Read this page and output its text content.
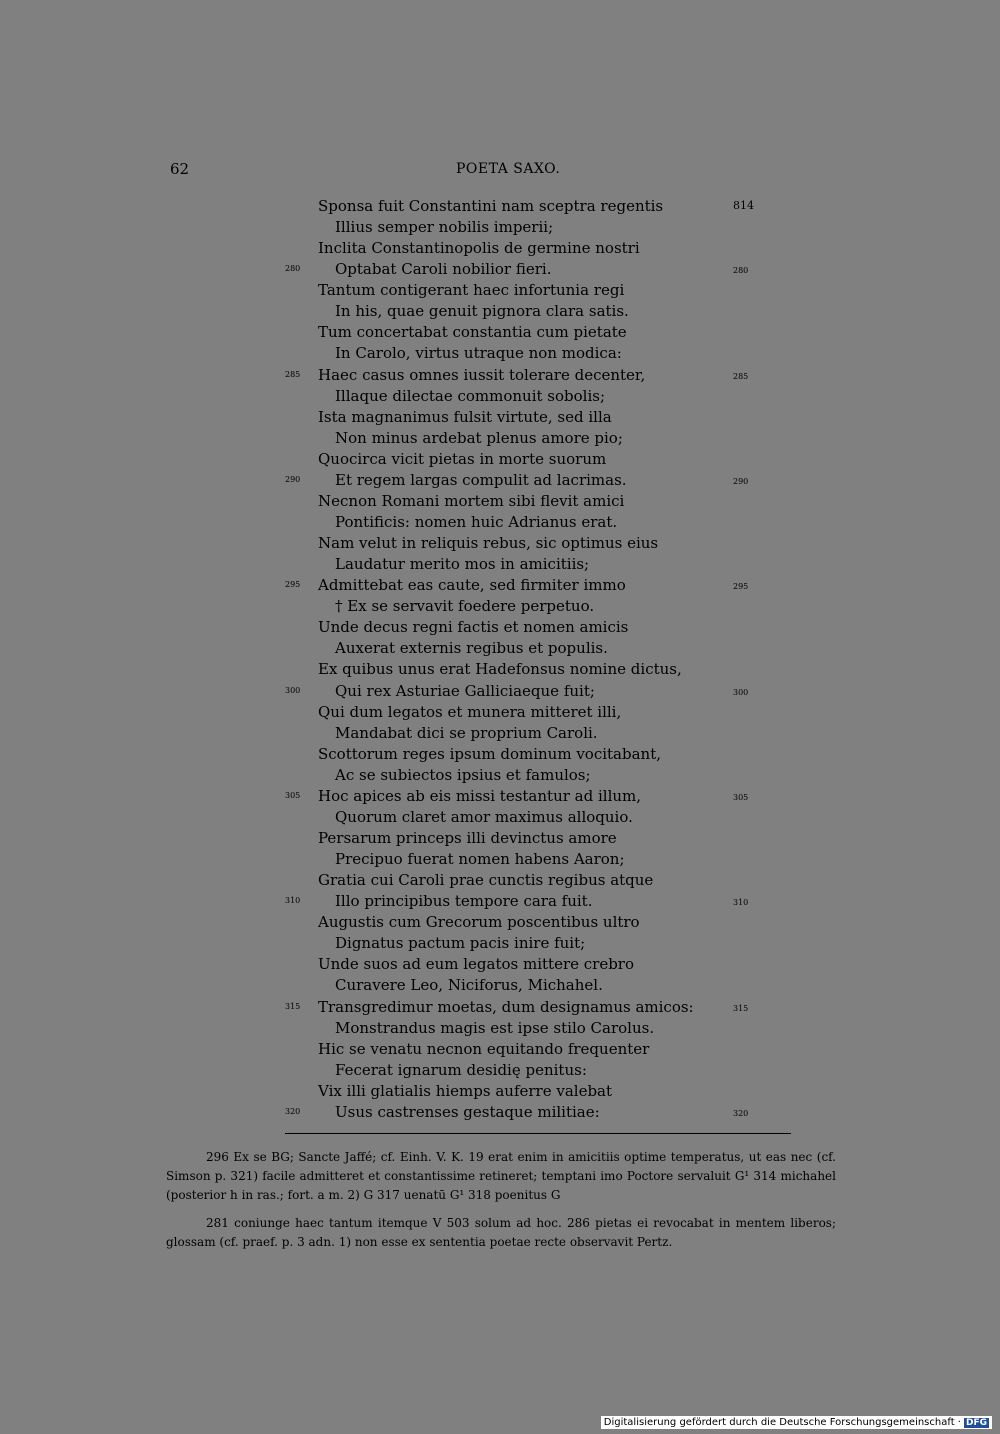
62	POETA SAXO.
Sponsa fuit Constantini nam sceptra regentis
Illius semper nobilis imperii;
Inclita Constantinopolis de germine nostri
Optabat Caroli nobilior fieri.
Tantum contigerant haec infortunia regi
In his, quae genuit pignora clara satis.
Tum concertabat constantia cum pietate
In Carolo, virtus utraque non modica:
Haec casus omnes iussit tolerare decenter,
Illaque dilectae commonuit sobolis;
Ista magnanimus fulsit virtute, sed illa
Non minus ardebat plenus amore pio;
Quocirca vicit pietas in morte suorum
Et regem largas compulit ad lacrimas.
Necnon Romani mortem sibi flevit amici
Pontificis: nomen huic Adrianus erat.
Nam velut in reliquis rebus, sic optimus eius
Laudatur merito mos in amicitiis;
Admittebat eas caute, sed firmiter immo
† Ex se servavit foedere perpetuo.
Unde decus regni factis et nomen amicis
Auxerat externis regibus et populis.
Ex quibus unus erat Hadefonsus nomine dictus,
Qui rex Asturiae Galliciaeque fuit;
Qui dum legatos et munera mitteret illi,
Mandabat dici se proprium Caroli.
Scottorum reges ipsum dominum vocitabant,
Ac se subiectos ipsius et famulos;
Hoc apices ab eis missi testantur ad illum,
Quorum claret amor maximus alloquio.
Persarum princeps illi devinctus amore
Precipuo fuerat nomen habens Aaron;
Gratia cui Caroli prae cunctis regibus atque
Illo principibus tempore cara fuit.
Augustis cum Grecorum poscentibus ultro
Dignatus pactum pacis inire fuit;
Unde suos ad eum legatos mittere crebro
Curavere Leo, Niciforus, Michahel.
Transgredimur moetas, dum designamus amicos:
Monstrandus magis est ipse stilo Carolus.
Hic se venatu necnon equitando frequenter
Fecerat ignarum desidię penitus:
Vix illi glatialis hiemps auferre valebat
Usus castrenses gestaque militiae:
280
285
290
295
300
305
310
315
320
814
280
285
290
295
300
305
310
315
320

296 Ex se BG; Sancte Jaffé; cf. Einh. V. K. 19 erat enim in amicitiis optime temperatus, ut eas nec (cf. Simson p. 321) facile admitteret et constantissime retineret; temptani imo Poctore servaluit G¹ 314 michahel (posterior h in ras.; fort. a m. 2) G 317 uenatū G¹ 318 poenitus G

281 coniunge haec tantum itemque V 503 solum ad hoc. 286 pietas ei revocabat in mentem liberos; glossam (cf. praef. p. 3 adn. 1) non esse ex sententia poetae recte observavit Pertz.

Digitalisierung gefördert durch die Deutsche Forschungsgemeinschaft · DFG
